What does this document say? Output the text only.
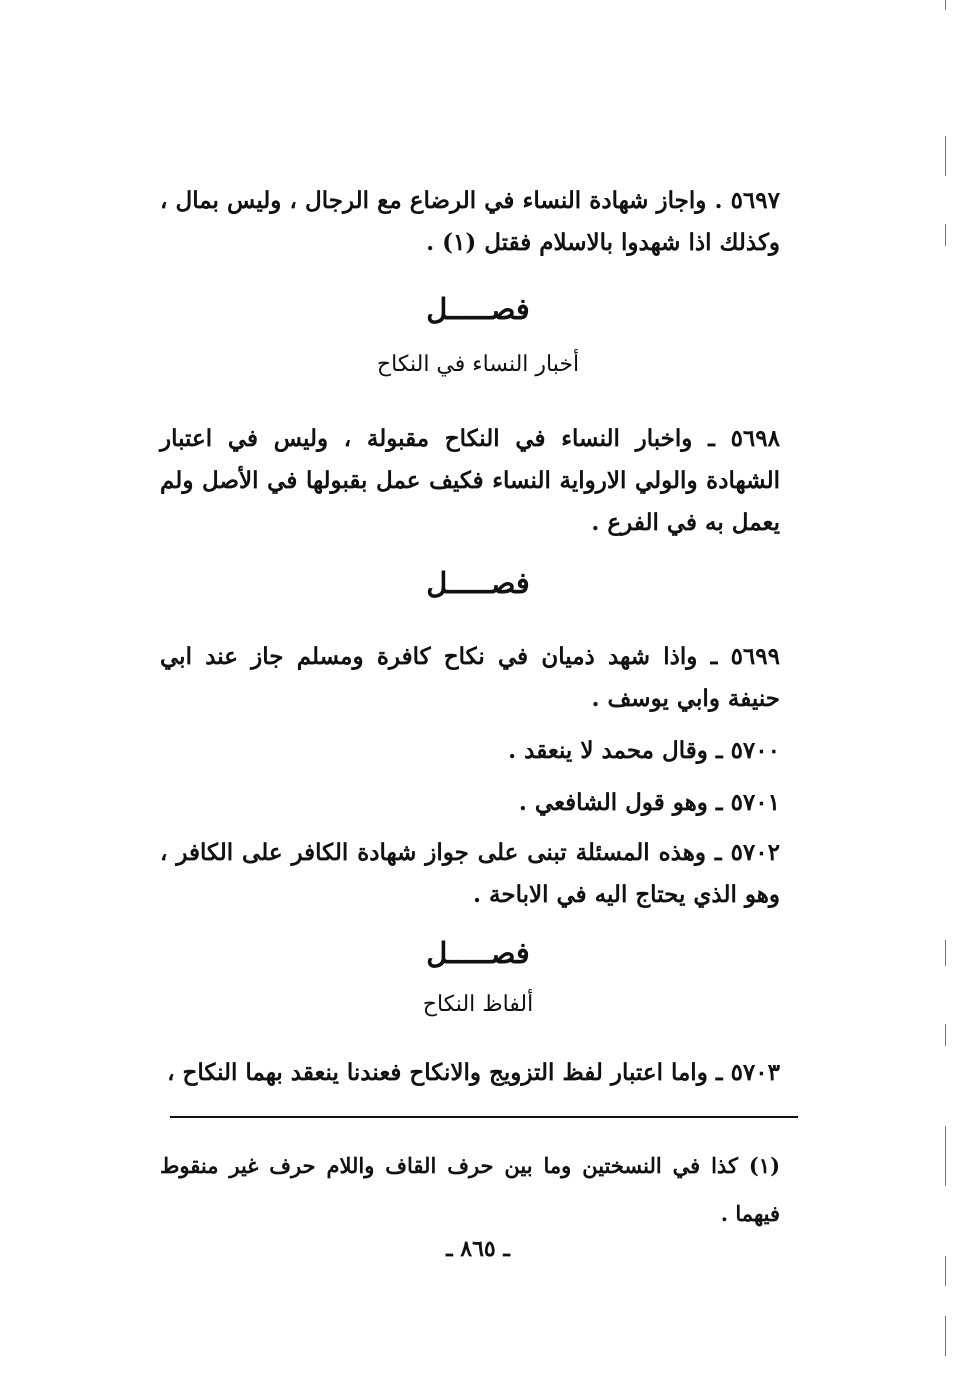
٥٦٩٧ . واجاز شهادة النساء في الرضاع مع الرجال ، وليس بمال ، وكذلك اذا شهدوا بالاسلام فقتل (١) .

فصـــــل
أخبار النساء في النكاح

٥٦٩٨ ـ واخبار النساء في النكاح مقبولة ، وليس في اعتبار الشهادة والولي الارواية النساء فكيف عمل بقبولها في الأصل ولم يعمل به في الفرع .

فصـــــل

٥٦٩٩ ـ واذا شهد ذميان في نكاح كافرة ومسلم جاز عند ابي حنيفة وابي يوسف .

٥٧٠٠ ـ وقال محمد لا ينعقد .

٥٧٠١ ـ وهو قول الشافعي .

٥٧٠٢ ـ وهذه المسئلة تبنى على جواز شهادة الكافر على الكافر ، وهو الذي يحتاج اليه في الاباحة .

فصـــــل
ألفاظ النكاح

٥٧٠٣ ـ واما اعتبار لفظ التزويج والانكاح فعندنا ينعقد بهما النكاح ،

(١) كذا في النسختين وما بين حرف القاف واللام حرف غير منقوط فيهما .

ـ ٨٦٥ ـ
